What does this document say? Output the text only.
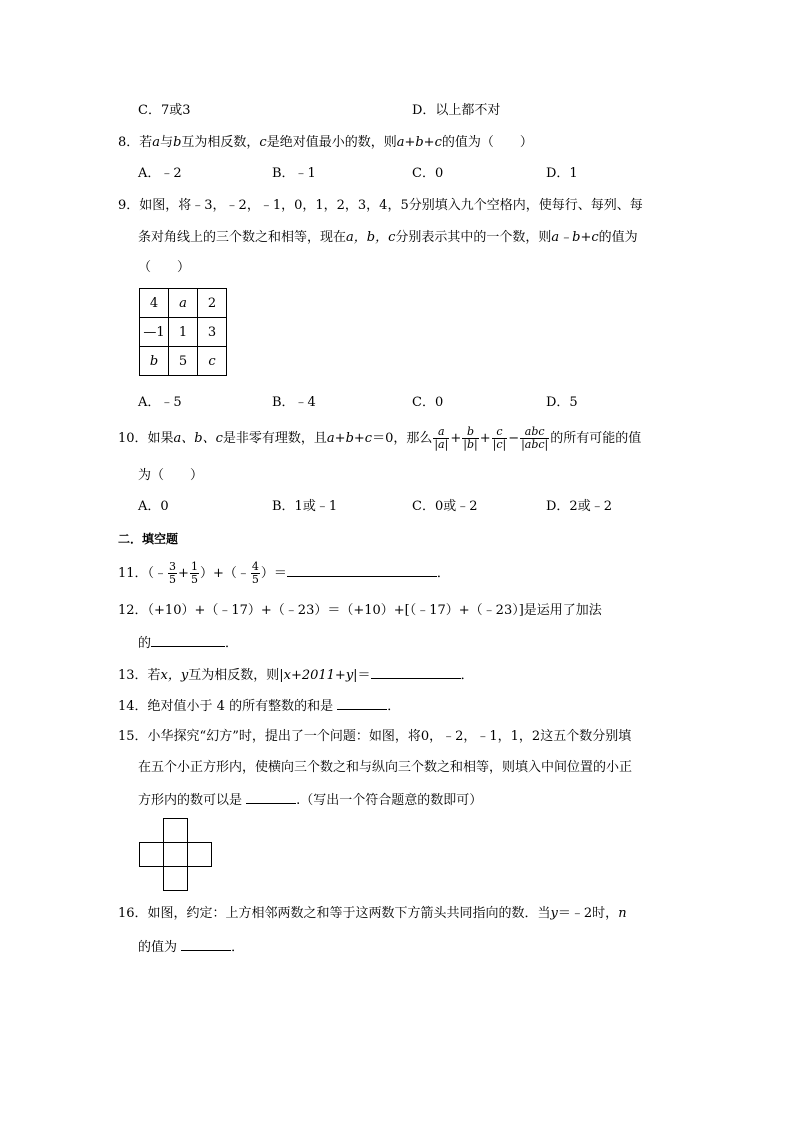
C．7或3	D．以上都不对
8．若a与b互为相反数，c是绝对值最小的数，则a+b+c的值为（　　）
A．﹣2	B．﹣1	C．0	D．1
9．如图，将﹣3，﹣2，﹣1，0，1，2，3，4，5分别填入九个空格内，使每行、每列、每
条对角线上的三个数之和相等，现在a，b，c分别表示其中的一个数，则a﹣b+c的值为
（　　）
4	a	2
—1	1	3
b	5	c
A．﹣5	B．﹣4	C．0	D．5
10．如果a、b、c是非零有理数，且a+b+c＝0，那么 $\frac{a}{|a|} + \frac{b}{|b|} + \frac{c}{|c|} - \frac{\text{abc}}{\text{|abc|}}$ 的所有可能的值
为（　　）
A．0	B．1或﹣1	C．0或﹣2	D．2或﹣2
二．填空题
11．（﹣ $\frac{3}{5} + \frac{1}{5}$ ）+（﹣ $\frac{4}{5}$ ）＝	．
12．（+10）+（﹣17）+（﹣23）＝（+10）+[（﹣17）+（﹣23）]是运用了加法
的	．
13．若x，y互为相反数，则|x+2011+y|＝	．
14．绝对值小于 4 的所有整数的和是	．
15．小华探究“幻方”时，提出了一个问题：如图，将0，﹣2，﹣1，1，2这五个数分别填
在五个小正方形内，使横向三个数之和与纵向三个数之和相等，则填入中间位置的小正
方形内的数可以是	.（写出一个符合题意的数即可）
16．如图，约定：上方相邻两数之和等于这两数下方箭头共同指向的数．当y＝﹣2时，n
的值为	．
